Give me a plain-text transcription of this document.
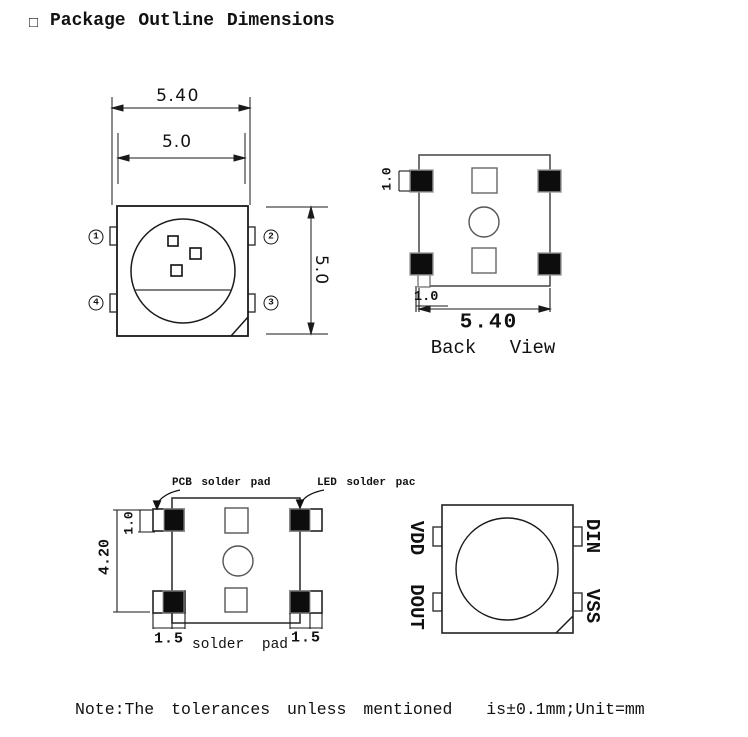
□ Package Outline Dimensions
5.40
5.0
5.0
1	2
4	3
1.0
1.0
5.40
Back View
PCB solder pad	LED solder pac
1.0
4.20
1.5	1.5
solder pad
VDD
DOUT
DIN
VSS
Note:The tolerances unless mentioned  is±0.1mm;Unit=mm
